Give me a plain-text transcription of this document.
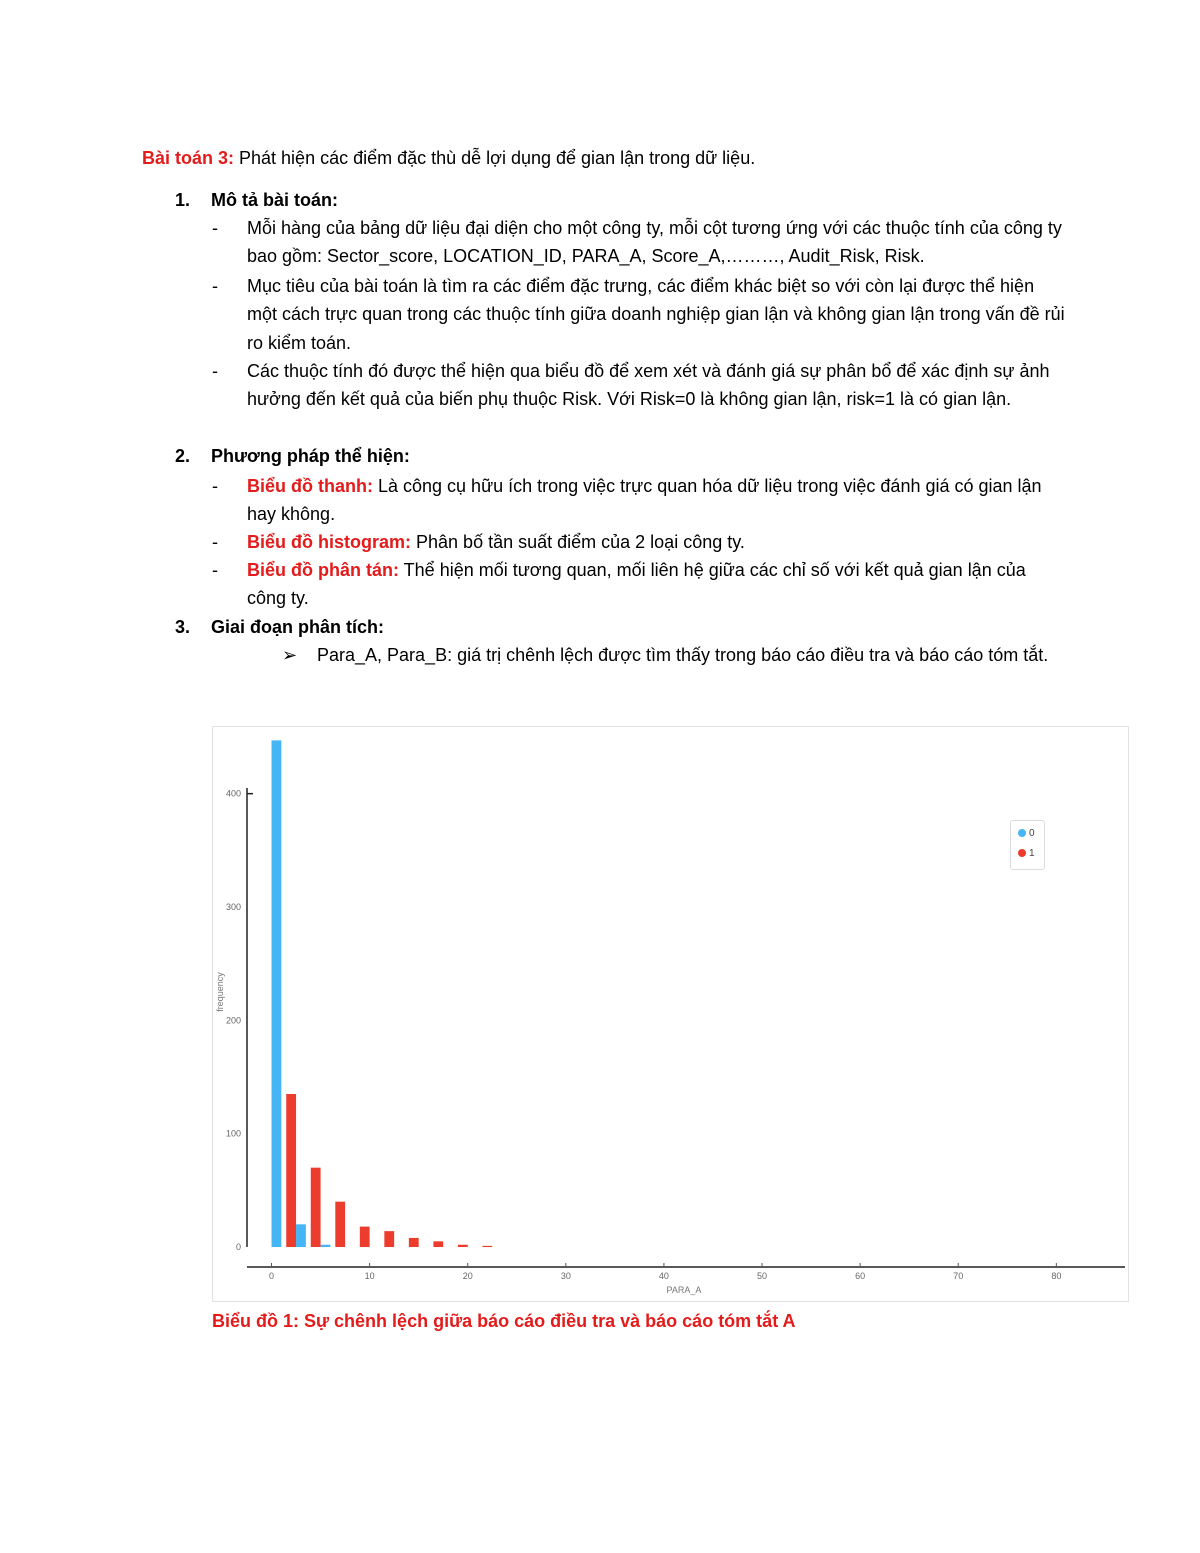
Bài toán 3: Phát hiện các điểm đặc thù dễ lợi dụng để gian lận trong dữ liệu.
1. Mô tả bài toán:
- Mỗi hàng của bảng dữ liệu đại diện cho một công ty, mỗi cột tương ứng với các thuộc tính của công ty bao gồm: Sector_score, LOCATION_ID, PARA_A, Score_A,………, Audit_Risk, Risk.
- Mục tiêu của bài toán là tìm ra các điểm đặc trưng, các điểm khác biệt so với còn lại được thể hiện một cách trực quan trong các thuộc tính giữa doanh nghiệp gian lận và không gian lận trong vấn đề rủi ro kiểm toán.
- Các thuộc tính đó được thể hiện qua biểu đồ để xem xét và đánh giá sự phân bổ để xác định sự ảnh hưởng đến kết quả của biến phụ thuộc Risk. Với Risk=0 là không gian lận, risk=1 là có gian lận.
2. Phương pháp thể hiện:
- Biểu đồ thanh: Là công cụ hữu ích trong việc trực quan hóa dữ liệu trong việc đánh giá có gian lận hay không.
- Biểu đồ histogram: Phân bố tần suất điểm của 2 loại công ty.
- Biểu đồ phân tán: Thể hiện mối tương quan, mối liên hệ giữa các chỉ số với kết quả gian lận của công ty.
3. Giai đoạn phân tích:
➢ Para_A, Para_B: giá trị chênh lệch được tìm thấy trong báo cáo điều tra và báo cáo tóm tắt.
0
100
200
300
400
0	10	20	30	40	50	60	70	80
PARA_A
frequency
0
1
Biểu đồ 1: Sự chênh lệch giữa báo cáo điều tra và báo cáo tóm tắt A
